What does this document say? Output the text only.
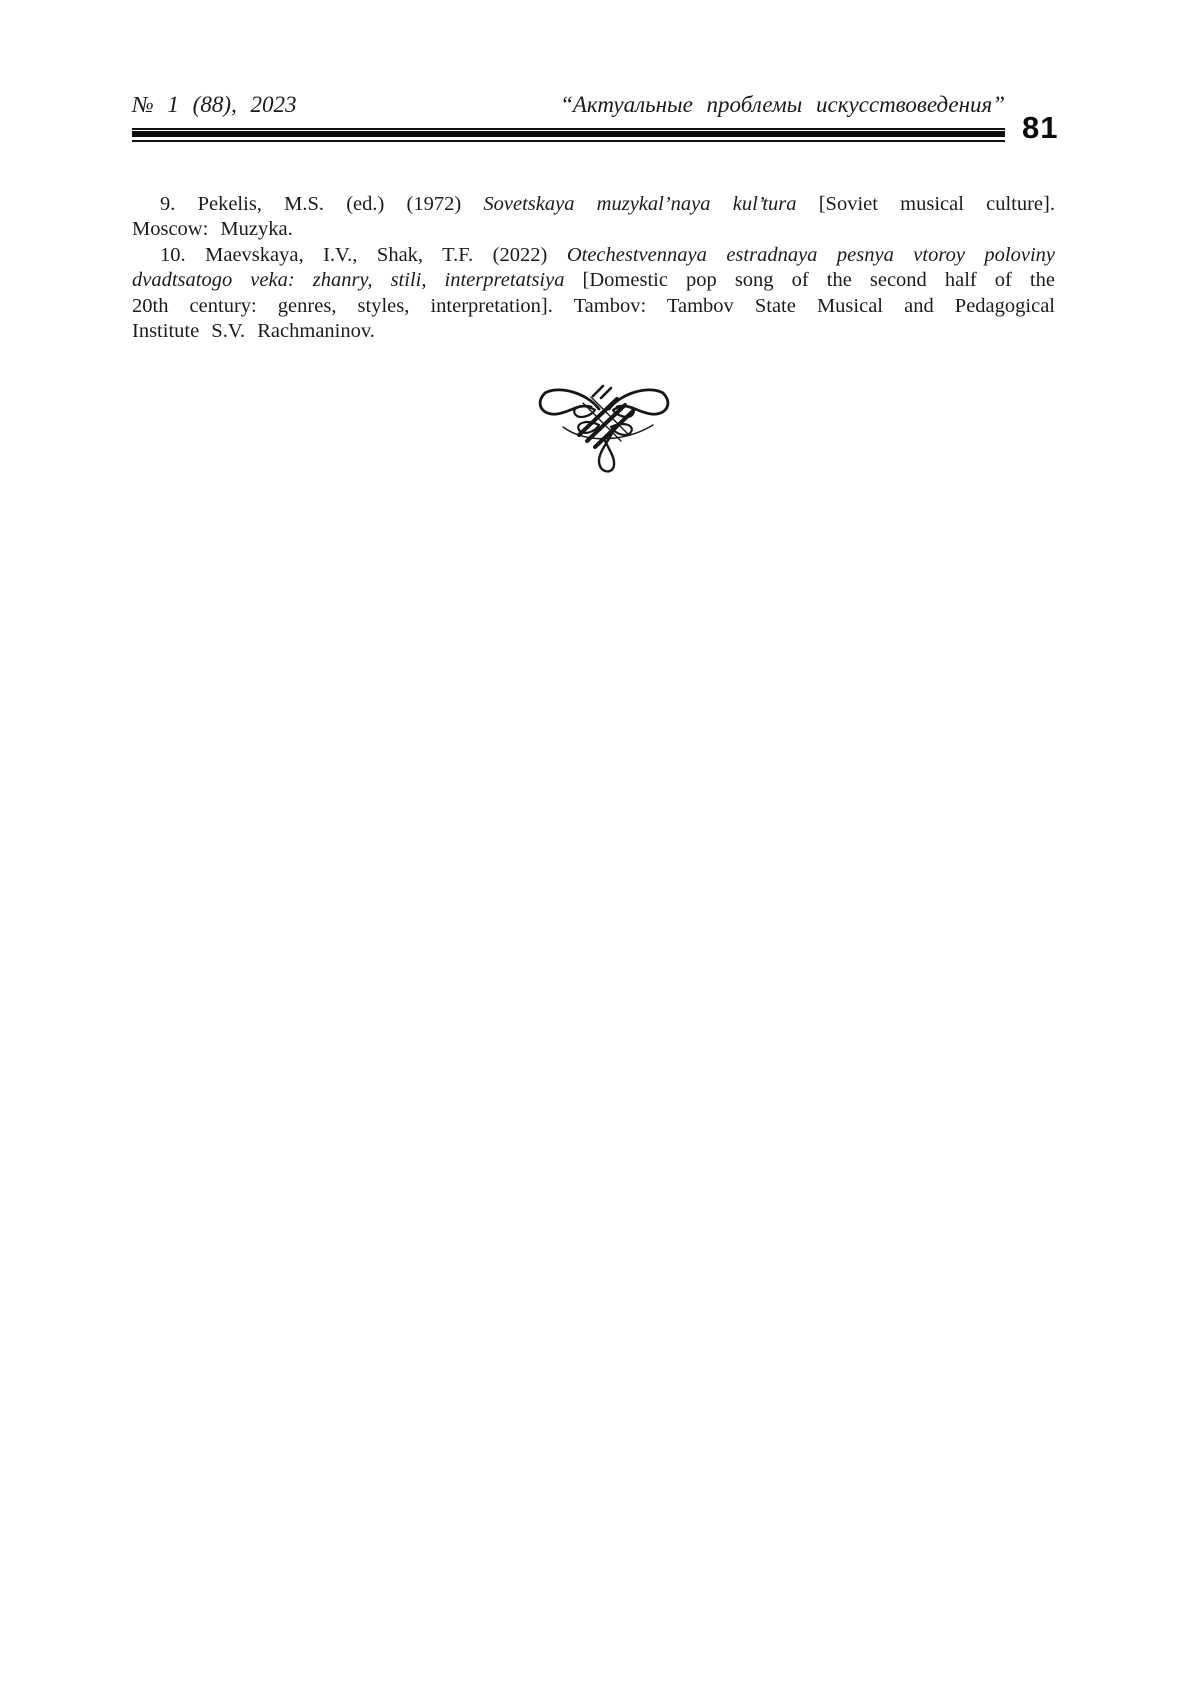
№ 1 (88), 2023	“Актуальные проблемы искусствоведения”
81
9. Pekelis, M.S. (ed.) (1972) Sovetskaya muzykal’naya kul’tura [Soviet musical culture].
Moscow: Muzyka.
10. Maevskaya, I.V., Shak, T.F. (2022) Otechestvennaya estradnaya pesnya vtoroy poloviny
dvadtsatogo veka: zhanry, stili, interpretatsiya [Domestic pop song of the second half of the
20th century: genres, styles, interpretation]. Tambov: Tambov State Musical and Pedagogical
Institute S.V. Rachmaninov.
